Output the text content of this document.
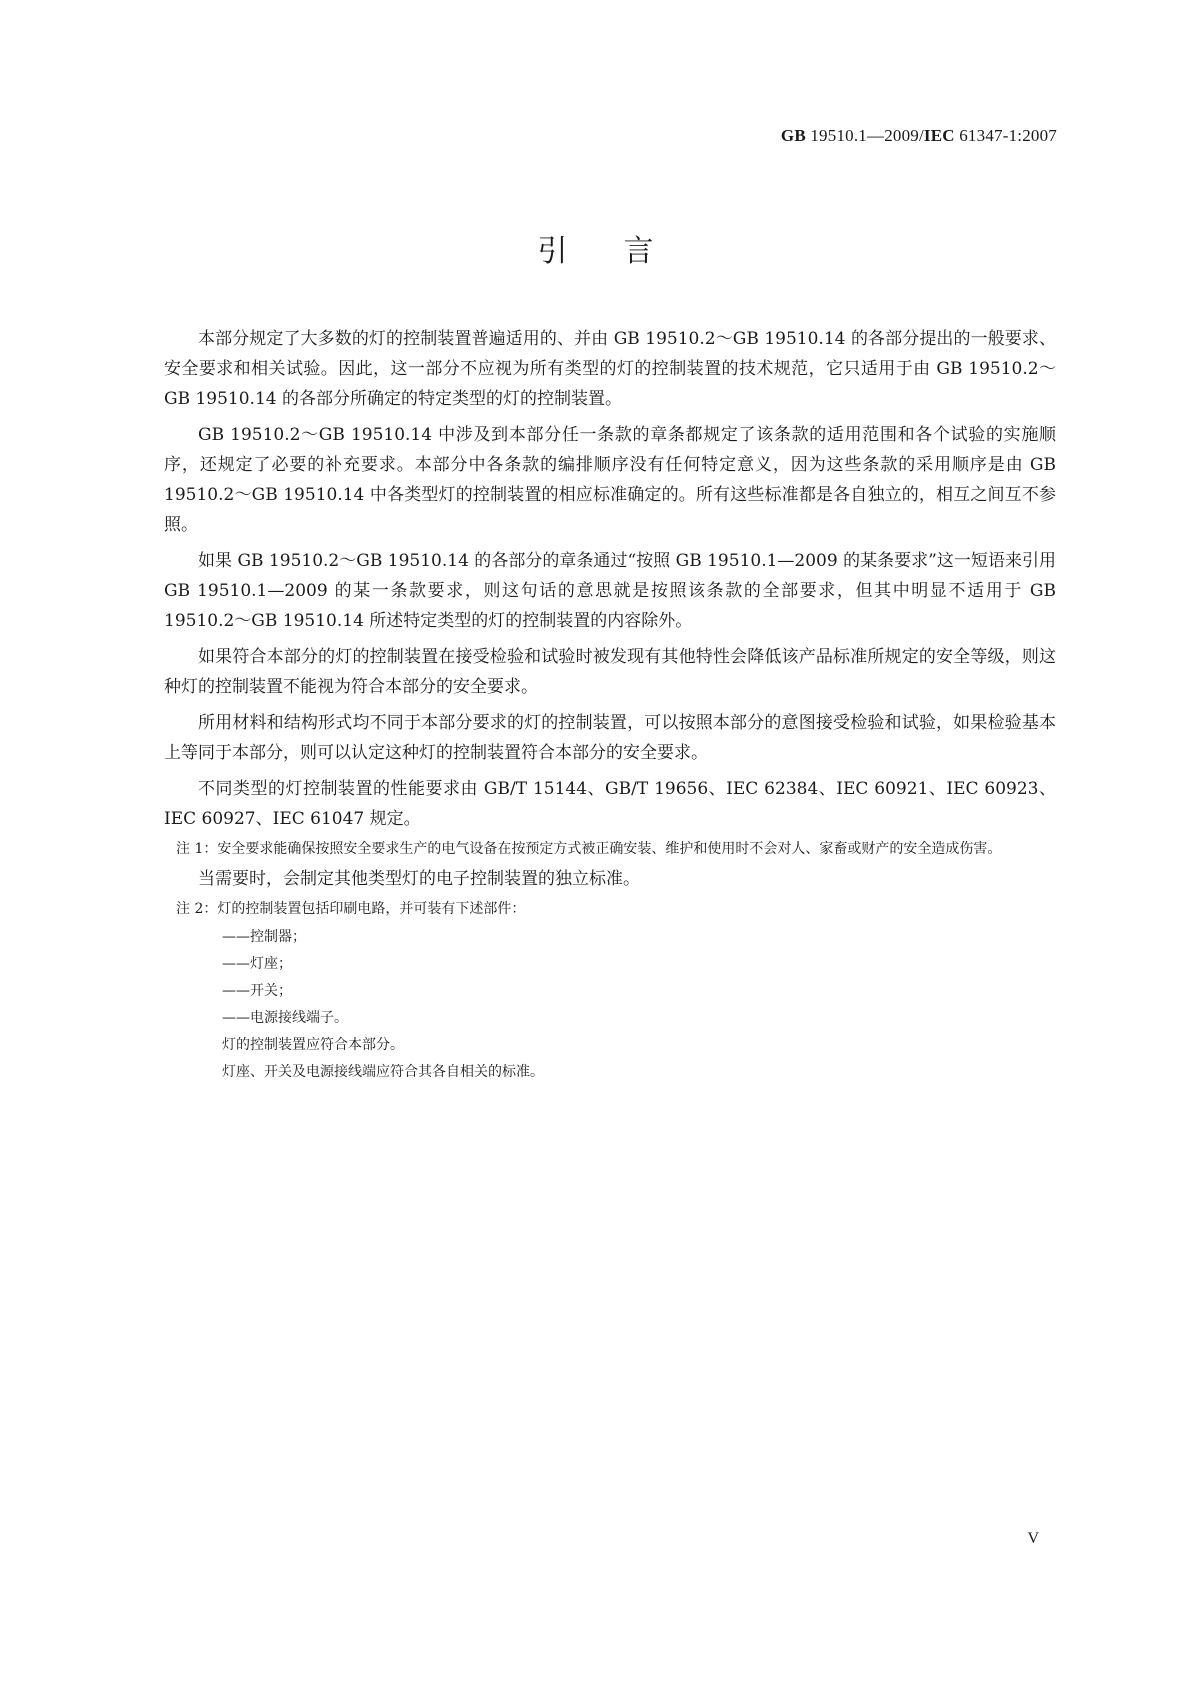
GB 19510.1—2009/IEC 61347-1:2007
引言

本部分规定了大多数的灯的控制装置普遍适用的、并由 GB 19510.2～GB 19510.14 的各部分提出的一般要求、安全要求和相关试验。因此，这一部分不应视为所有类型的灯的控制装置的技术规范，它只适用于由 GB 19510.2～GB 19510.14 的各部分所确定的特定类型的灯的控制装置。

GB 19510.2～GB 19510.14 中涉及到本部分任一条款的章条都规定了该条款的适用范围和各个试验的实施顺序，还规定了必要的补充要求。本部分中各条款的编排顺序没有任何特定意义，因为这些条款的采用顺序是由 GB 19510.2～GB 19510.14 中各类型灯的控制装置的相应标准确定的。所有这些标准都是各自独立的，相互之间互不参照。

如果 GB 19510.2～GB 19510.14 的各部分的章条通过“按照 GB 19510.1—2009 的某条要求”这一短语来引用 GB 19510.1—2009 的某一条款要求，则这句话的意思就是按照该条款的全部要求，但其中明显不适用于 GB 19510.2～GB 19510.14 所述特定类型的灯的控制装置的内容除外。

如果符合本部分的灯的控制装置在接受检验和试验时被发现有其他特性会降低该产品标准所规定的安全等级，则这种灯的控制装置不能视为符合本部分的安全要求。

所用材料和结构形式均不同于本部分要求的灯的控制装置，可以按照本部分的意图接受检验和试验，如果检验基本上等同于本部分，则可以认定这种灯的控制装置符合本部分的安全要求。

不同类型的灯控制装置的性能要求由 GB/T 15144、GB/T 19656、IEC 62384、IEC 60921、IEC 60923、IEC 60927、IEC 61047 规定。

注 1：安全要求能确保按照安全要求生产的电气设备在按预定方式被正确安装、维护和使用时不会对人、家畜或财产的安全造成伤害。

当需要时，会制定其他类型灯的电子控制装置的独立标准。

注 2：灯的控制装置包括印刷电路，并可装有下述部件：
——控制器；
——灯座；
——开关；
——电源接线端子。
灯的控制装置应符合本部分。
灯座、开关及电源接线端应符合其各自相关的标准。
V
